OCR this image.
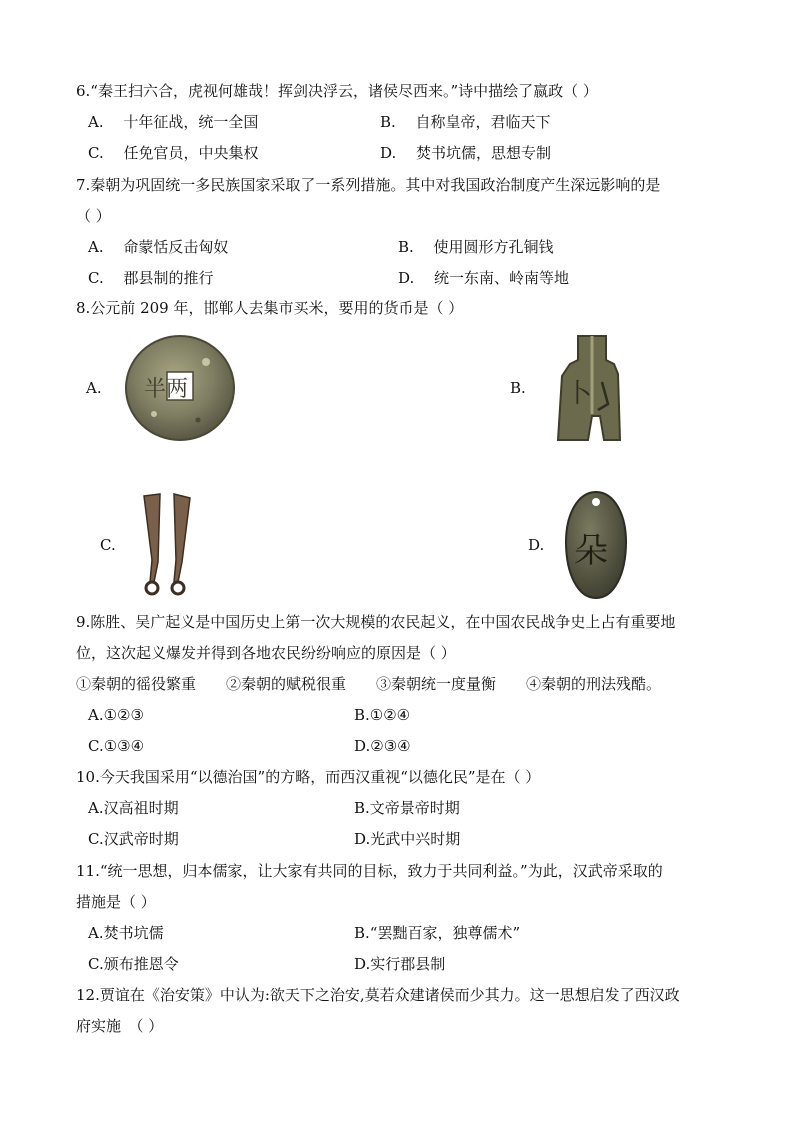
6.“秦王扫六合，虎视何雄哉！挥剑决浮云，诸侯尽西来。”诗中描绘了嬴政（ ）
A.　 十年征战，统一全国	B.　 自称皇帝，君临天下
C.　 任免官员，中央集权	D.　 焚书坑儒，思想专制
7.秦朝为巩固统一多民族国家采取了一系列措施。其中对我国政治制度产生深远影响的是
（ ）
A.　 命蒙恬反击匈奴	B.　 使用圆形方孔铜钱
C.　 郡县制的推行	D.　 统一东南、岭南等地
8.公元前 209 年，邯郸人去集市买米，要用的货币是（ ）
A. 半两	B. 卜
C.	D. 朵
9.陈胜、吴广起义是中国历史上第一次大规模的农民起义，在中国农民战争史上占有重要地
位，这次起义爆发并得到各地农民纷纷响应的原因是（ ）
①秦朝的徭役繁重　　②秦朝的赋税很重　　③秦朝统一度量衡　　④秦朝的刑法残酷。
A.①②③	B.①②④
C.①③④	D.②③④
10.今天我国采用“以德治国”的方略，而西汉重视“以德化民”是在（ ）
A.汉高祖时期	B.文帝景帝时期
C.汉武帝时期	D.光武中兴时期
11.“统一思想，归本儒家，让大家有共同的目标，致力于共同利益。”为此，汉武帝采取的
措施是（ ）
A.焚书坑儒	B.“罢黜百家，独尊儒术”
C.颁布推恩令	D.实行郡县制
12.贾谊在《治安策》中认为:欲天下之治安,莫若众建诸侯而少其力。这一思想启发了西汉政
府实施　（ ）
